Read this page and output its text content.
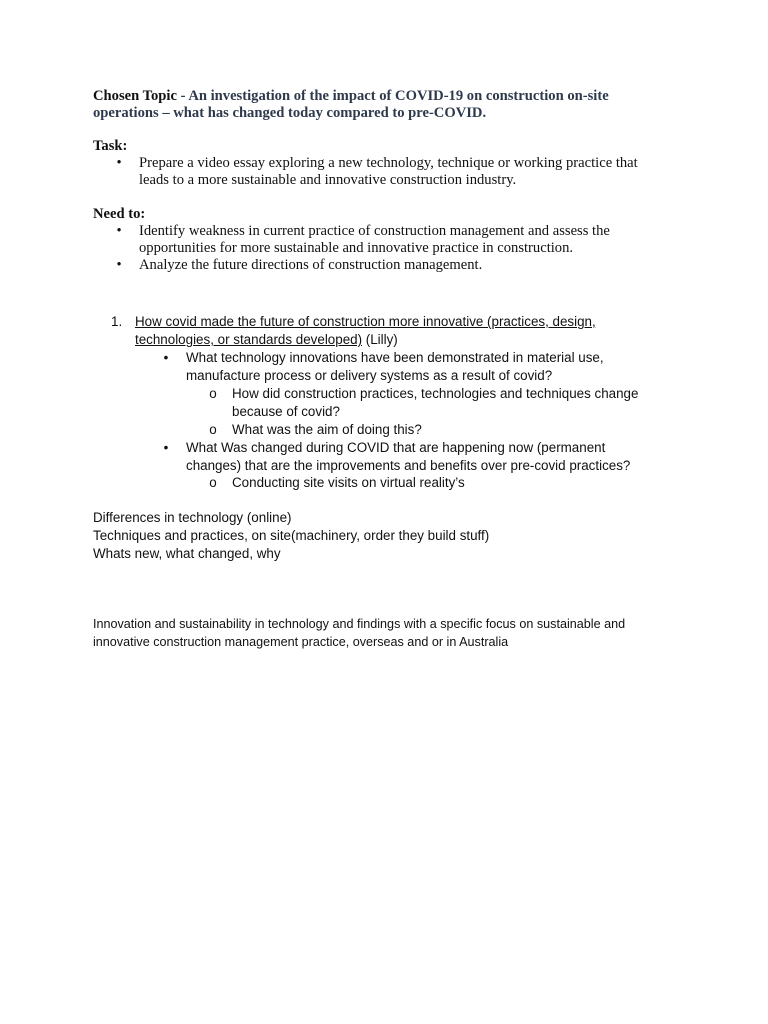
Chosen Topic - An investigation of the impact of COVID-19 on construction on-site
operations – what has changed today compared to pre-COVID.
Task:
• Prepare a video essay exploring a new technology, technique or working practice that
leads to a more sustainable and innovative construction industry.
Need to:
• Identify weakness in current practice of construction management and assess the
opportunities for more sustainable and innovative practice in construction.
• Analyze the future directions of construction management.
1. How covid made the future of construction more innovative (practices, design,
technologies, or standards developed) (Lilly)
• What technology innovations have been demonstrated in material use,
manufacture process or delivery systems as a result of covid?
o How did construction practices, technologies and techniques change
because of covid?
o What was the aim of doing this?
• What Was changed during COVID that are happening now (permanent
changes) that are the improvements and benefits over pre-covid practices?
o Conducting site visits on virtual reality’s
Differences in technology (online)
Techniques and practices, on site(machinery, order they build stuff)
Whats new, what changed, why
Innovation and sustainability in technology and findings with a specific focus on sustainable and
innovative construction management practice, overseas and or in Australia
